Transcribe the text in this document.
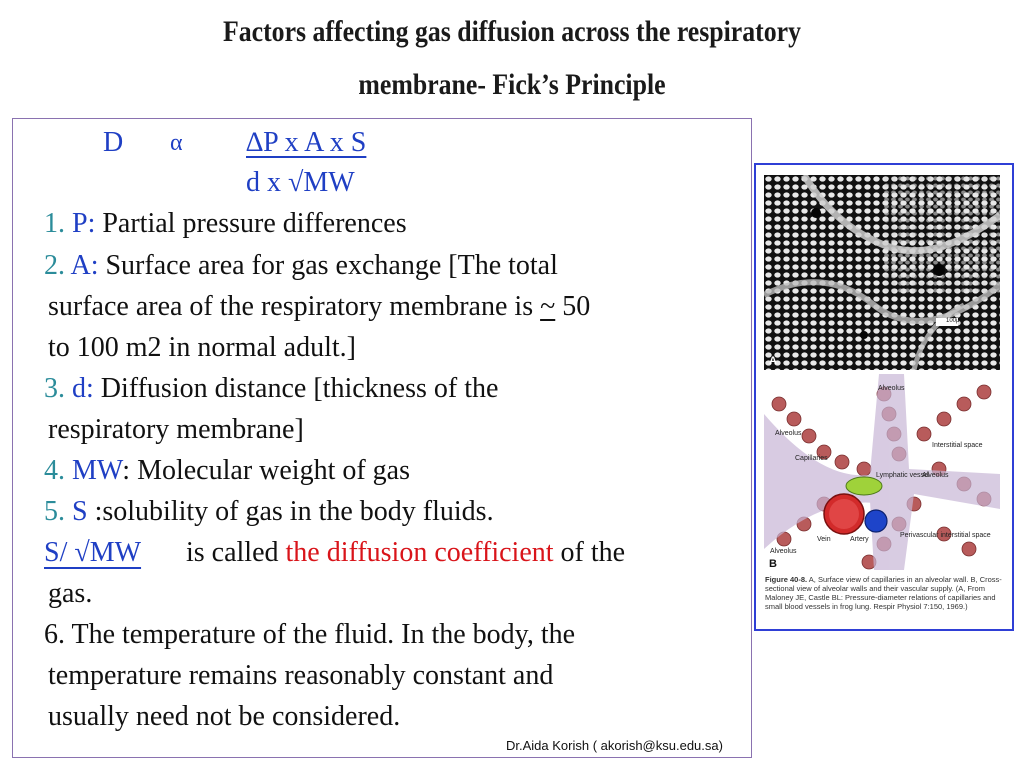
Factors affecting gas diffusion across the respiratory
membrane- Fick’s Principle
D α ∆P x A x S
d x √MW
1. P: Partial pressure differences
2. A: Surface area for gas exchange [The total
surface area of the respiratory membrane is ~ 50
to 100 m2 in normal adult.]
3. d: Diffusion distance [thickness of the
respiratory membrane]
4. MW: Molecular weight of gas
5. S :solubility of gas in the body fluids.
S/ √MW is called the diffusion coefficient of the
gas.
6. The temperature of the fluid. In the body, the
temperature remains reasonably constant and
usually need not be considered.
Dr.Aida Korish ( akorish@ksu.edu.sa)
100µ
A
Alveolus
Alveolus
Interstitial space
Capillaries
Lymphatic vessel
Alveolus
Alveolus
Vein	Artery
Perivascular interstitial space
B
Figure 40-8. A, Surface view of capillaries in an alveolar wall. B, Cross-sectional view of alveolar walls and their vascular supply. (A, From Maloney JE, Castle BL: Pressure-diameter relations of capillaries and small blood vessels in frog lung. Respir Physiol 7:150, 1969.)
